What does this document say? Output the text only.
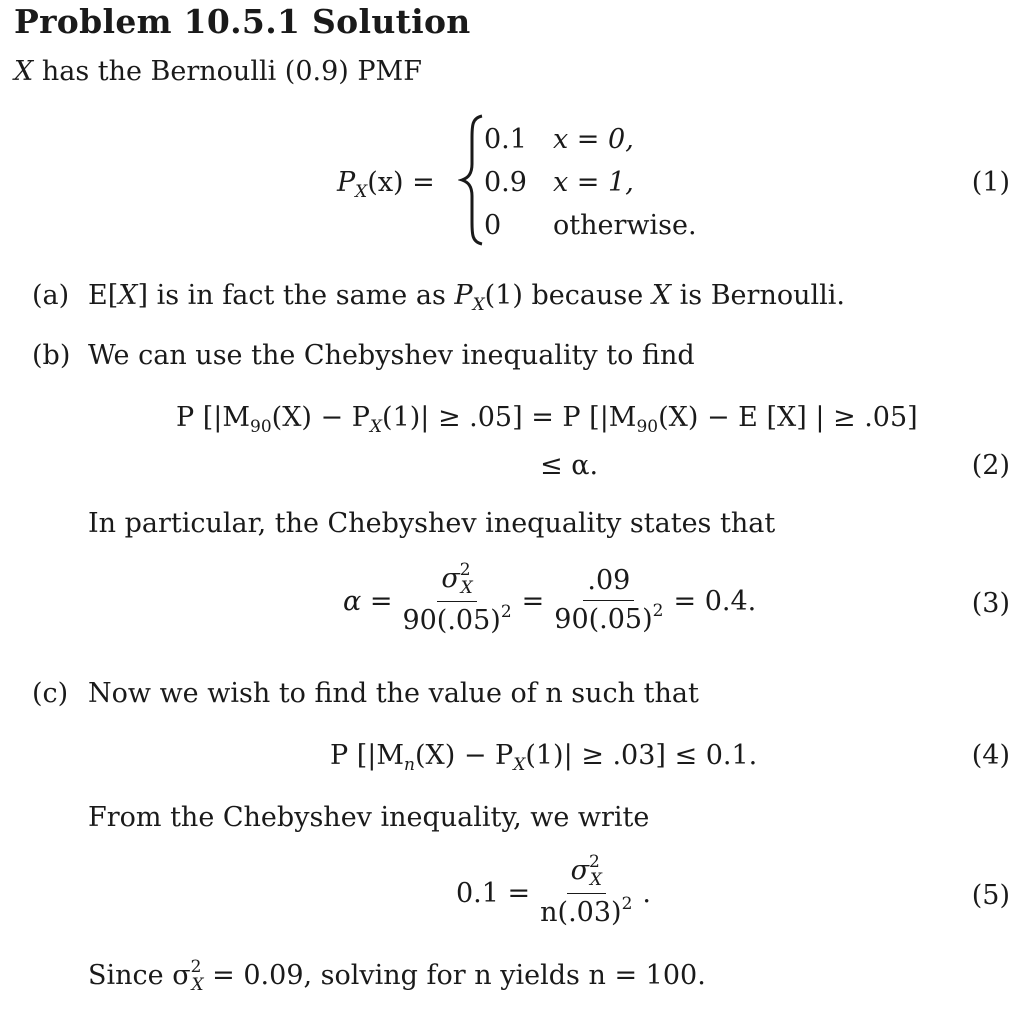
Problem 10.5.1 Solution
X has the Bernoulli (0.9) PMF
$P_X(x)$ =
0.1 x = 0,
0.9 x = 1,
0 otherwise.
(1)
(a) E[X] is in fact the same as $P_X(1)$ because X is Bernoulli.
(b) We can use the Chebyshev inequality to find
P $[|M_{90}(X) - P_X(1)| \ge .05] = P$ [$|M_{90}(X) - E$ [X] | ≥ .05]
≤ α.	(2)
In particular, the Chebyshev inequality states that
$\alpha = \frac{\sigma^2_X}{90(.05)^2} = \frac{.09}{90(.05)^2} = 0.4$.	(3)
(c) Now we wish to find the value of n such that
P $[|M_n(X) - P_X(1)| \ge .03] \le 0.1$.	(4)
From the Chebyshev inequality, we write
$0.1 = \frac{\sigma^2_X}{n(.03)^2}$ .	(5)
Since $\sigma^2_X = 0.09$, solving for n yields n = 100.
